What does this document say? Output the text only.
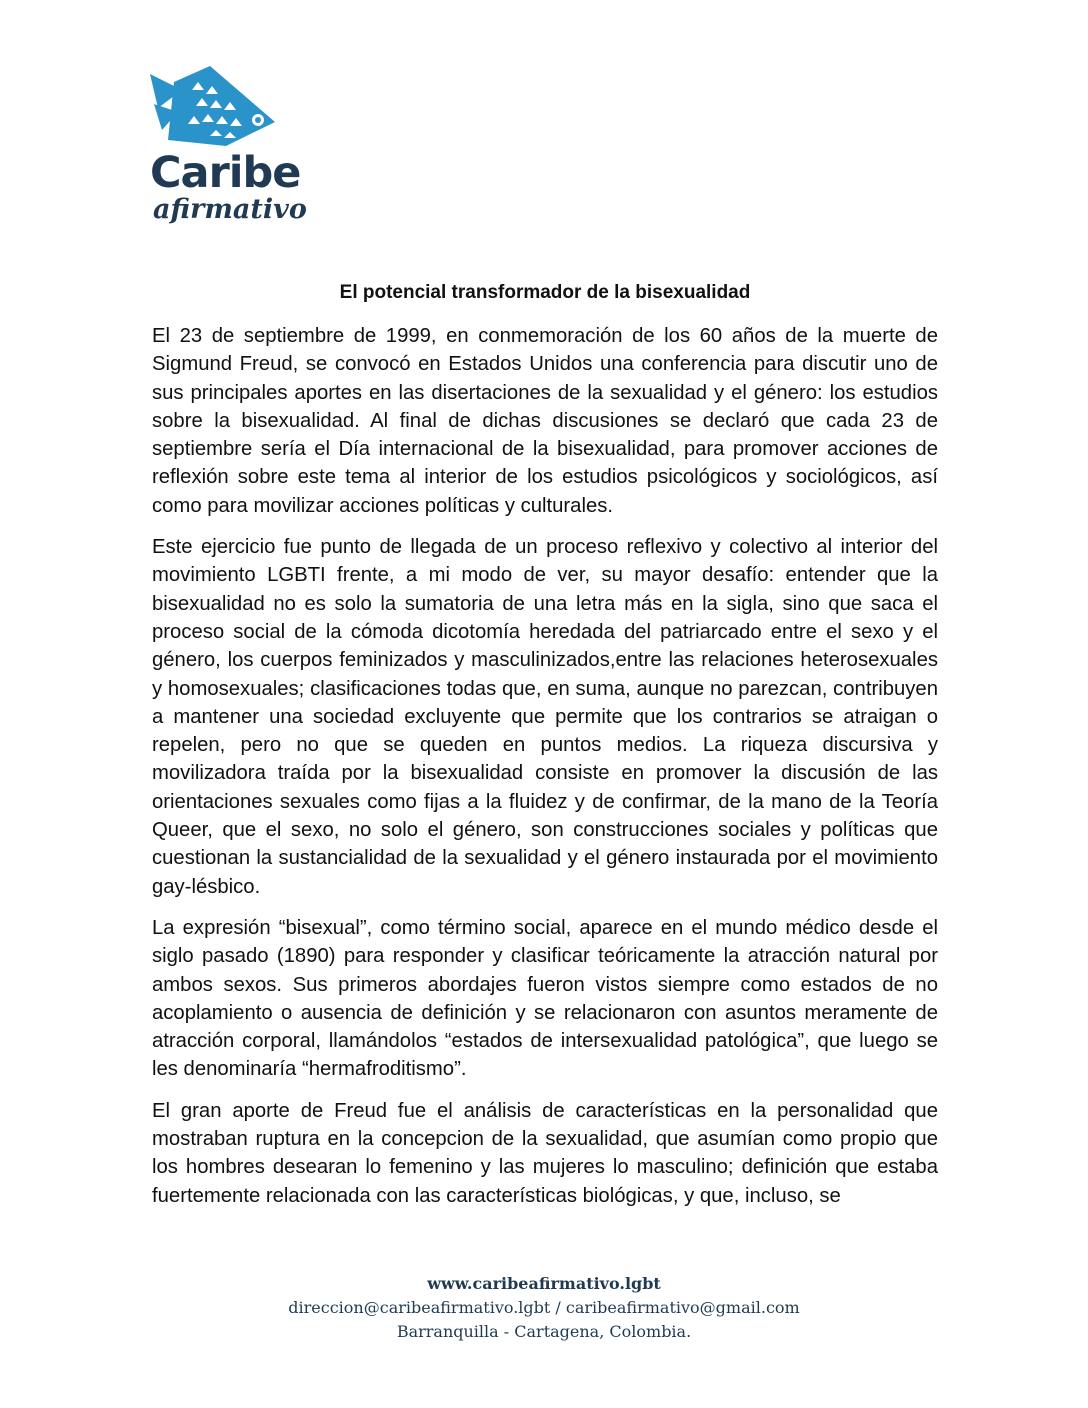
Caribe
afirmativo
El potencial transformador de la bisexualidad

El 23 de septiembre de 1999, en conmemoración de los 60 años de la muerte de Sigmund Freud, se convocó en Estados Unidos una conferencia para discutir uno de sus principales aportes en las disertaciones de la sexualidad y el género: los estudios sobre la bisexualidad. Al final de dichas discusiones se declaró que cada 23 de septiembre sería el Día internacional de la bisexualidad, para promover acciones de reflexión sobre este tema al interior de los estudios psicológicos y sociológicos, así como para movilizar acciones políticas y culturales.

Este ejercicio fue punto de llegada de un proceso reflexivo y colectivo al interior del movimiento LGBTI frente, a mi modo de ver, su mayor desafío: entender que la bisexualidad no es solo la sumatoria de una letra más en la sigla, sino que saca el proceso social de la cómoda dicotomía heredada del patriarcado entre el sexo y el género, los cuerpos feminizados y masculinizados,entre las relaciones heterosexuales y homosexuales; clasificaciones todas que, en suma, aunque no parezcan, contribuyen a mantener una sociedad excluyente que permite que los contrarios se atraigan o repelen, pero no que se queden en puntos medios. La riqueza discursiva y movilizadora traída por la bisexualidad consiste en promover la discusión de las orientaciones sexuales como fijas a la fluidez y de confirmar, de la mano de la Teoría Queer, que el sexo, no solo el género, son construcciones sociales y políticas que cuestionan la sustancialidad de la sexualidad y el género instaurada por el movimiento gay-lésbico.

La expresión “bisexual”, como término social, aparece en el mundo médico desde el siglo pasado (1890) para responder y clasificar teóricamente la atracción natural por ambos sexos. Sus primeros abordajes fueron vistos siempre como estados de no acoplamiento o ausencia de definición y se relacionaron con asuntos meramente de atracción corporal, llamándolos “estados de intersexualidad patológica”, que luego se les denominaría “hermafroditismo”.

El gran aporte de Freud fue el análisis de características en la personalidad que mostraban ruptura en la concepcion de la sexualidad, que asumían como propio que los hombres desearan lo femenino y las mujeres lo masculino; definición que estaba fuertemente relacionada con las características biológicas, y que, incluso, se

www.caribeafirmativo.lgbt
direccion@caribeafirmativo.lgbt / caribeafirmativo@gmail.com
Barranquilla - Cartagena, Colombia.
